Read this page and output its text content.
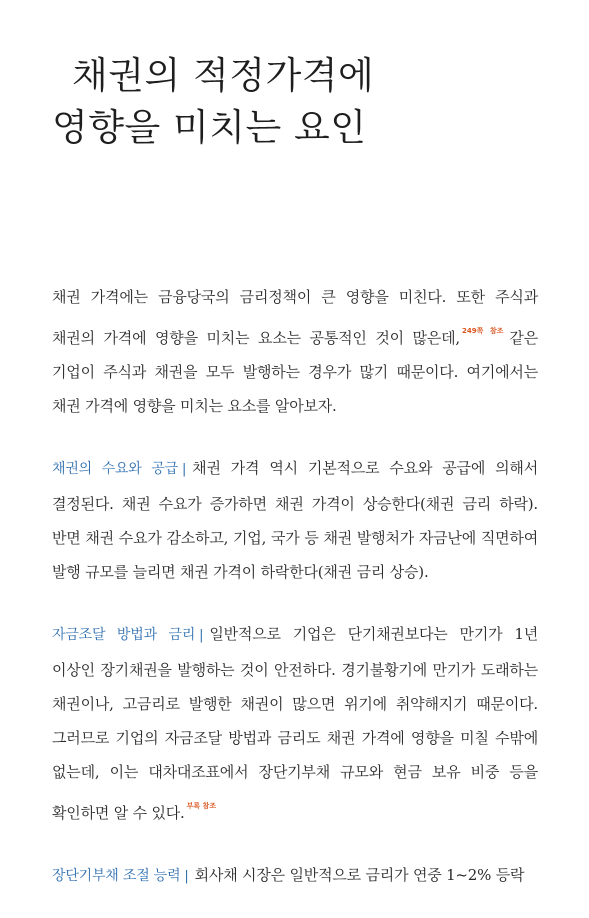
채권의 적정가격에
영향을 미치는 요인

채권 가격에는 금융당국의 금리정책이 큰 영향을 미친다. 또한 주식과 채권의 가격에 영향을 미치는 요소는 공통적인 것이 많은데, $^{249쪽 참조}$ 같은 기업이 주식과 채권을 모두 발행하는 경우가 많기 때문이다. 여기에서는 채권 가격에 영향을 미치는 요소를 알아보자.

채권의 수요와 공급 | 채권 가격 역시 기본적으로 수요와 공급에 의해서 결정된다. 채권 수요가 증가하면 채권 가격이 상승한다(채권 금리 하락). 반면 채권 수요가 감소하고, 기업, 국가 등 채권 발행처가 자금난에 직면하여 발행 규모를 늘리면 채권 가격이 하락한다(채권 금리 상승).

자금조달 방법과 금리 | 일반적으로 기업은 단기채권보다는 만기가 1년 이상인 장기채권을 발행하는 것이 안전하다. 경기불황기에 만기가 도래하는 채권이나, 고금리로 발행한 채권이 많으면 위기에 취약해지기 때문이다. 그러므로 기업의 자금조달 방법과 금리도 채권 가격에 영향을 미칠 수밖에 없는데, 이는 대차대조표에서 장단기부채 규모와 현금 보유 비중 등을 확인하면 알 수 있다. $^{부록 참조}$

장단기부채 조절 능력 | 회사채 시장은 일반적으로 금리가 연중 1~2% 등락
